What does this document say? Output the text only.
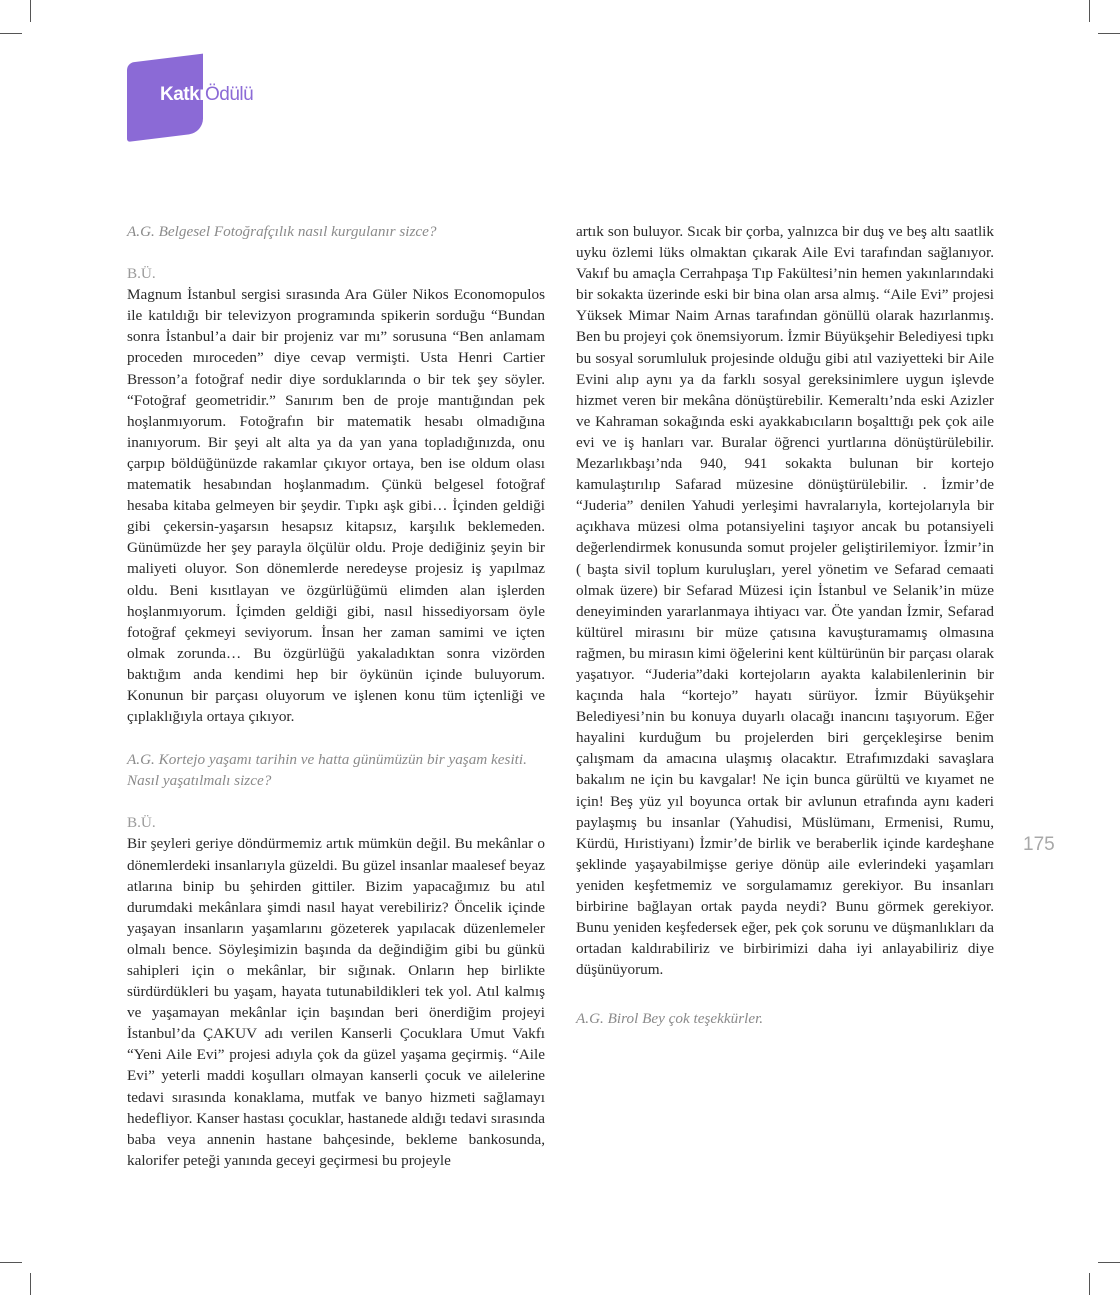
Katkı Ödülü

A.G. Belgesel Fotoğrafçılık nasıl kurgulanır sizce?

B.Ü.

Magnum İstanbul sergisi sırasında Ara Güler Nikos Economopulos ile katıldığı bir televizyon programında spikerin sorduğu “Bundan sonra İstanbul’a dair bir projeniz var mı” sorusuna “Ben anlamam proceden mıroceden” diye cevap vermişti. Usta Henri Cartier Bresson’a fotoğraf nedir diye sorduklarında o bir tek şey söyler. “Fotoğraf geometridir.” Sanırım ben de proje mantığından pek hoşlanmıyorum. Fotoğrafın bir matematik hesabı olmadığına inanıyorum. Bir şeyi alt alta ya da yan yana topladığınızda, onu çarpıp böldüğünüzde rakamlar çıkıyor ortaya, ben ise oldum olası matematik hesabından hoşlanmadım. Çünkü belgesel fotoğraf hesaba kitaba gelmeyen bir şeydir. Tıpkı aşk gibi… İçinden geldiği gibi çekersin-yaşarsın hesapsız kitapsız, karşılık beklemeden. Günümüzde her şey parayla ölçülür oldu. Proje dediğiniz şeyin bir maliyeti oluyor. Son dönemlerde neredeyse projesiz iş yapılmaz oldu. Beni kısıtlayan ve özgürlüğümü elimden alan işlerden hoşlanmıyorum. İçimden geldiği gibi, nasıl hissediyorsam öyle fotoğraf çekmeyi seviyorum. İnsan her zaman samimi ve içten olmak zorunda… Bu özgürlüğü yakaladıktan sonra vizörden baktığım anda kendimi hep bir öykünün içinde buluyorum. Konunun bir parçası oluyorum ve işlenen konu tüm içtenliği ve çıplaklığıyla ortaya çıkıyor.

A.G. Kortejo yaşamı tarihin ve hatta günümüzün bir yaşam kesiti. Nasıl yaşatılmalı sizce?

B.Ü.

Bir şeyleri geriye döndürmemiz artık mümkün değil. Bu mekânlar o dönemlerdeki insanlarıyla güzeldi. Bu güzel insanlar maalesef beyaz atlarına binip bu şehirden gittiler. Bizim yapacağımız bu atıl durumdaki mekânlara şimdi nasıl hayat verebiliriz? Öncelik içinde yaşayan insanların yaşamlarını gözeterek yapılacak düzenlemeler olmalı bence. Söyleşimizin başında da değindiğim gibi bu günkü sahipleri için o mekânlar, bir sığınak. Onların hep birlikte sürdürdükleri bu yaşam, hayata tutunabildikleri tek yol. Atıl kalmış ve yaşamayan mekânlar için başından beri önerdiğim projeyi İstanbul’da ÇAKUV adı verilen Kanserli Çocuklara Umut Vakfı “Yeni Aile Evi” projesi adıyla çok da güzel yaşama geçirmiş. “Aile Evi” yeterli maddi koşulları olmayan kanserli çocuk ve ailelerine tedavi sırasında konaklama, mutfak ve banyo hizmeti sağlamayı hedefliyor. Kanser hastası çocuklar, hastanede aldığı tedavi sırasında baba veya annenin hastane bahçesinde, bekleme bankosunda, kalorifer peteği yanında geceyi geçirmesi bu projeyle

artık son buluyor. Sıcak bir çorba, yalnızca bir duş ve beş altı saatlik uyku özlemi lüks olmaktan çıkarak Aile Evi tarafından sağlanıyor. Vakıf bu amaçla Cerrahpaşa Tıp Fakültesi’nin hemen yakınlarındaki bir sokakta üzerinde eski bir bina olan arsa almış. “Aile Evi” projesi Yüksek Mimar Naim Arnas tarafından gönüllü olarak hazırlanmış. Ben bu projeyi çok önemsiyorum. İzmir Büyükşehir Belediyesi tıpkı bu sosyal sorumluluk projesinde olduğu gibi atıl vaziyetteki bir Aile Evini alıp aynı ya da farklı sosyal gereksinimlere uygun işlevde hizmet veren bir mekâna dönüştürebilir. Kemeraltı’nda eski Azizler ve Kahraman sokağında eski ayakkabıcıların boşalttığı pek çok aile evi ve iş hanları var. Buralar öğrenci yurtlarına dönüştürülebilir. Mezarlıkbaşı’nda 940, 941 sokakta bulunan bir kortejo kamulaştırılıp Safarad müzesine dönüştürülebilir. . İzmir’de “Juderia” denilen Yahudi yerleşimi havralarıyla, kortejolarıyla bir açıkhava müzesi olma potansiyelini taşıyor ancak bu potansiyeli değerlendirmek konusunda somut projeler geliştirilemiyor. İzmir’in ( başta sivil toplum kuruluşları, yerel yönetim ve Sefarad cemaati olmak üzere) bir Sefarad Müzesi için İstanbul ve Selanik’in müze deneyiminden yararlanmaya ihtiyacı var. Öte yandan İzmir, Sefarad kültürel mirasını bir müze çatısına kavuşturamamış olmasına rağmen, bu mirasın kimi öğelerini kent kültürünün bir parçası olarak yaşatıyor. “Juderia”daki kortejoların ayakta kalabilenlerinin bir kaçında hala “kortejo” hayatı sürüyor. İzmir Büyükşehir Belediyesi’nin bu konuya duyarlı olacağı inancını taşıyorum. Eğer hayalini kurduğum bu projelerden biri gerçekleşirse benim çalışmam da amacına ulaşmış olacaktır. Etrafımızdaki savaşlara bakalım ne için bu kavgalar! Ne için bunca gürültü ve kıyamet ne için! Beş yüz yıl boyunca ortak bir avlunun etrafında aynı kaderi paylaşmış bu insanlar (Yahudisi, Müslümanı, Ermenisi, Rumu, Kürdü, Hıristiyanı) İzmir’de birlik ve beraberlik içinde kardeşhane şeklinde yaşayabilmişse geriye dönüp aile evlerindeki yaşamları yeniden keşfetmemiz ve sorgulamamız gerekiyor. Bu insanları birbirine bağlayan ortak payda neydi? Bunu görmek gerekiyor. Bunu yeniden keşfedersek eğer, pek çok sorunu ve düşmanlıkları da ortadan kaldırabiliriz ve birbirimizi daha iyi anlayabiliriz diye düşünüyorum.

A.G. Birol Bey çok teşekkürler.

175
